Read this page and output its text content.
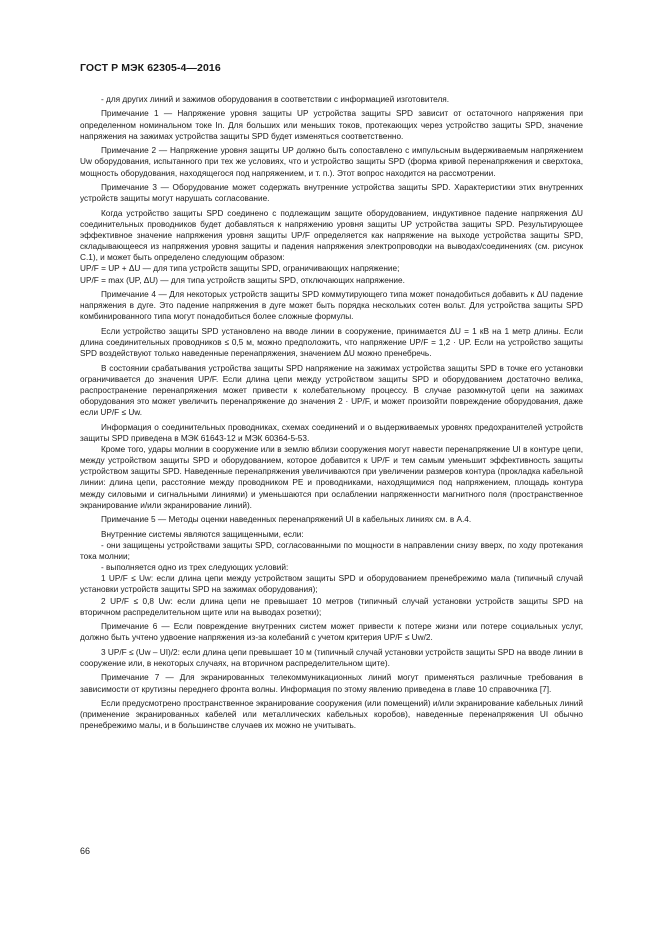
ГОСТ Р МЭК 62305-4—2016

- для других линий и зажимов оборудования в соответствии с информацией изготовителя.

Примечание 1 — Напряжение уровня защиты UP устройства защиты SPD зависит от остаточного напряжения при определенном номинальном токе In. Для больших или меньших токов, протекающих через устройство защиты SPD, значение напряжения на зажимах устройства защиты SPD будет изменяться соответственно.

Примечание 2 — Напряжение уровня защиты UP должно быть сопоставлено с импульсным выдерживаемым напряжением Uw оборудования, испытанного при тех же условиях, что и устройство защиты SPD (форма кривой перенапряжения и сверхтока, мощность оборудования, находящегося под напряжением, и т. п.). Этот вопрос находится на рассмотрении.

Примечание 3 — Оборудование может содержать внутренние устройства защиты SPD. Характеристики этих внутренних устройств защиты могут нарушать согласование.

Когда устройство защиты SPD соединено с подлежащим защите оборудованием, индуктивное падение напряжения ΔU соединительных проводников будет добавляться к напряжению уровня защиты UP устройства защиты SPD. Результирующее эффективное значение напряжения уровня защиты UP/F определяется как напряжение на выходе устройства защиты SPD, складывающееся из напряжения уровня защиты и падения напряжения электропроводки на выводах/соединениях (см. рисунок С.1), и может быть определено следующим образом:

UP/F = UP + ΔU — для типа устройств защиты SPD, ограничивающих напряжение;

UP/F = max (UP, ΔU) — для типа устройств защиты SPD, отключающих напряжение.

Примечание 4 — Для некоторых устройств защиты SPD коммутирующего типа может понадобиться добавить к ΔU падение напряжения в дуге. Это падение напряжения в дуге может быть порядка нескольких сотен вольт. Для устройства защиты SPD комбинированного типа могут понадобиться более сложные формулы.

Если устройство защиты SPD установлено на вводе линии в сооружение, принимается ΔU = 1 кВ на 1 метр длины. Если длина соединительных проводников ≤ 0,5 м, можно предположить, что напряжение UP/F = 1,2 · UP. Если на устройство защиты SPD воздействуют только наведенные перенапряжения, значением ΔU можно пренебречь.

В состоянии срабатывания устройства защиты SPD напряжение на зажимах устройства защиты SPD в точке его установки ограничивается до значения UP/F. Если длина цепи между устройством защиты SPD и оборудованием достаточно велика, распространение перенапряжения может привести к колебательному процессу. В случае разомкнутой цепи на зажимах оборудования это может увеличить перенапряжение до значения 2 · UP/F, и может произойти повреждение оборудования, даже если UP/F ≤ Uw.

Информация о соединительных проводниках, схемах соединений и о выдерживаемых уровнях предохранителей устройств защиты SPD приведена в МЭК 61643-12 и МЭК 60364-5-53.

Кроме того, удары молнии в сооружение или в землю вблизи сооружения могут навести перенапряжение UI в контуре цепи, между устройством защиты SPD и оборудованием, которое добавится к UP/F и тем самым уменьшит эффективность защиты устройством защиты SPD. Наведенные перенапряжения увеличиваются при увеличении размеров контура (прокладка кабельной линии: длина цепи, расстояние между проводником PE и проводниками, находящимися под напряжением, площадь контура между силовыми и сигнальными линиями) и уменьшаются при ослаблении напряженности магнитного поля (пространственное экранирование и/или экранирование линий).

Примечание 5 — Методы оценки наведенных перенапряжений UI в кабельных линиях см. в А.4.

Внутренние системы являются защищенными, если:

- они защищены устройствами защиты SPD, согласованными по мощности в направлении снизу вверх, по ходу протекания тока молнии;

- выполняется одно из трех следующих условий:

1 UP/F ≤ Uw: если длина цепи между устройством защиты SPD и оборудованием пренебрежимо мала (типичный случай установки устройств защиты SPD на зажимах оборудования);

2 UP/F ≤ 0,8 Uw: если длина цепи не превышает 10 метров (типичный случай установки устройств защиты SPD на вторичном распределительном щите или на выводах розетки);

Примечание 6 — Если повреждение внутренних систем может привести к потере жизни или потере социальных услуг, должно быть учтено удвоение напряжения из-за колебаний с учетом критерия UP/F ≤ Uw/2.

3 UP/F ≤ (Uw – UI)/2: если длина цепи превышает 10 м (типичный случай установки устройств защиты SPD на вводе линии в сооружение или, в некоторых случаях, на вторичном распределительном щите).

Примечание 7 — Для экранированных телекоммуникационных линий могут применяться различные требования в зависимости от крутизны переднего фронта волны. Информация по этому явлению приведена в главе 10 справочника [7].

Если предусмотрено пространственное экранирование сооружения (или помещений) и/или экранирование кабельных линий (применение экранированных кабелей или металлических кабельных коробов), наведенные перенапряжения UI обычно пренебрежимо малы, и в большинстве случаев их можно не учитывать.

66
